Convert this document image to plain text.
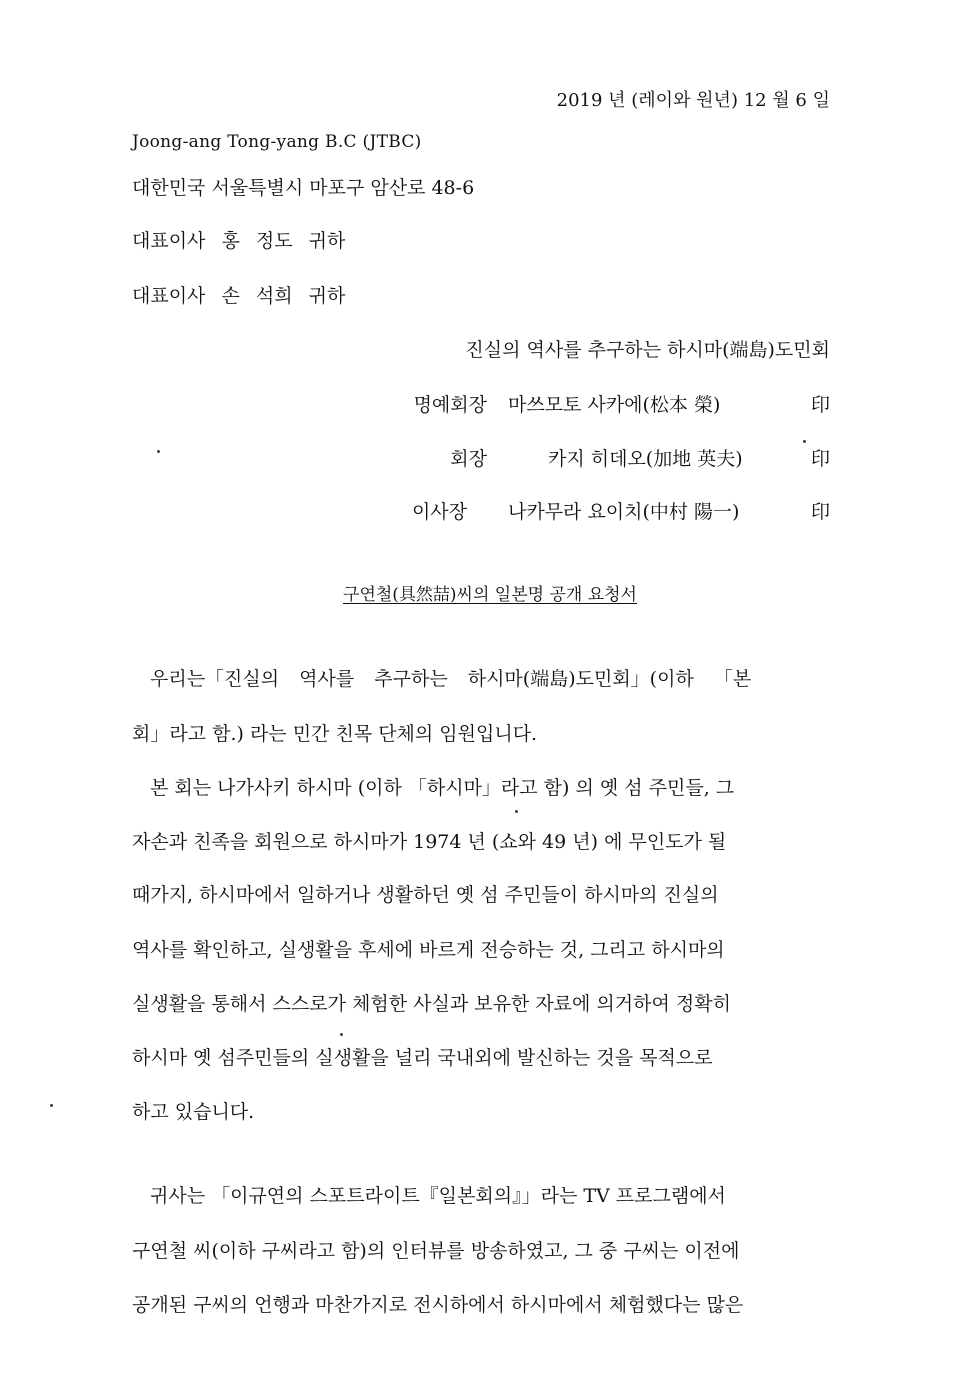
2019 년 (레이와 원년) 12 월 6 일
Joong-ang Tong-yang B.C (JTBC)
대한민국 서울특별시 마포구 암산로 48-6
대표이사 홍 정도 귀하
대표이사 손 석희 귀하
진실의 역사를 추구하는 하시마(端島)도민회
명예회장 마쓰모토 사카에(松本 榮)	印
회장	카지 히데오(加地 英夫)	印
이사장 나카무라 요이치(中村 陽一)	印
구연철(具然喆)씨의 일본명 공개 요청서
우리는「진실의 역사를 추구하는 하시마(端島)도민회」(이하 「본
회」라고 함.) 라는 민간 친목 단체의 임원입니다.
본 회는 나가사키 하시마 (이하 「하시마」라고 함) 의 옛 섬 주민들, 그
자손과 친족을 회원으로 하시마가 1974 년 (쇼와 49 년) 에 무인도가 될
때가지, 하시마에서 일하거나 생활하던 옛 섬 주민들이 하시마의 진실의
역사를 확인하고, 실생활을 후세에 바르게 전승하는 것, 그리고 하시마의
실생활을 통해서 스스로가 체험한 사실과 보유한 자료에 의거하여 정확히
하시마 옛 섬주민들의 실생활을 널리 국내외에 발신하는 것을 목적으로
하고 있습니다.
귀사는 「이규연의 스포트라이트『일본회의』」라는 TV 프로그램에서
구연철 씨(이하 구씨라고 함)의 인터뷰를 방송하였고, 그 중 구씨는 이전에
공개된 구씨의 언행과 마찬가지로 전시하에서 하시마에서 체험했다는 많은
